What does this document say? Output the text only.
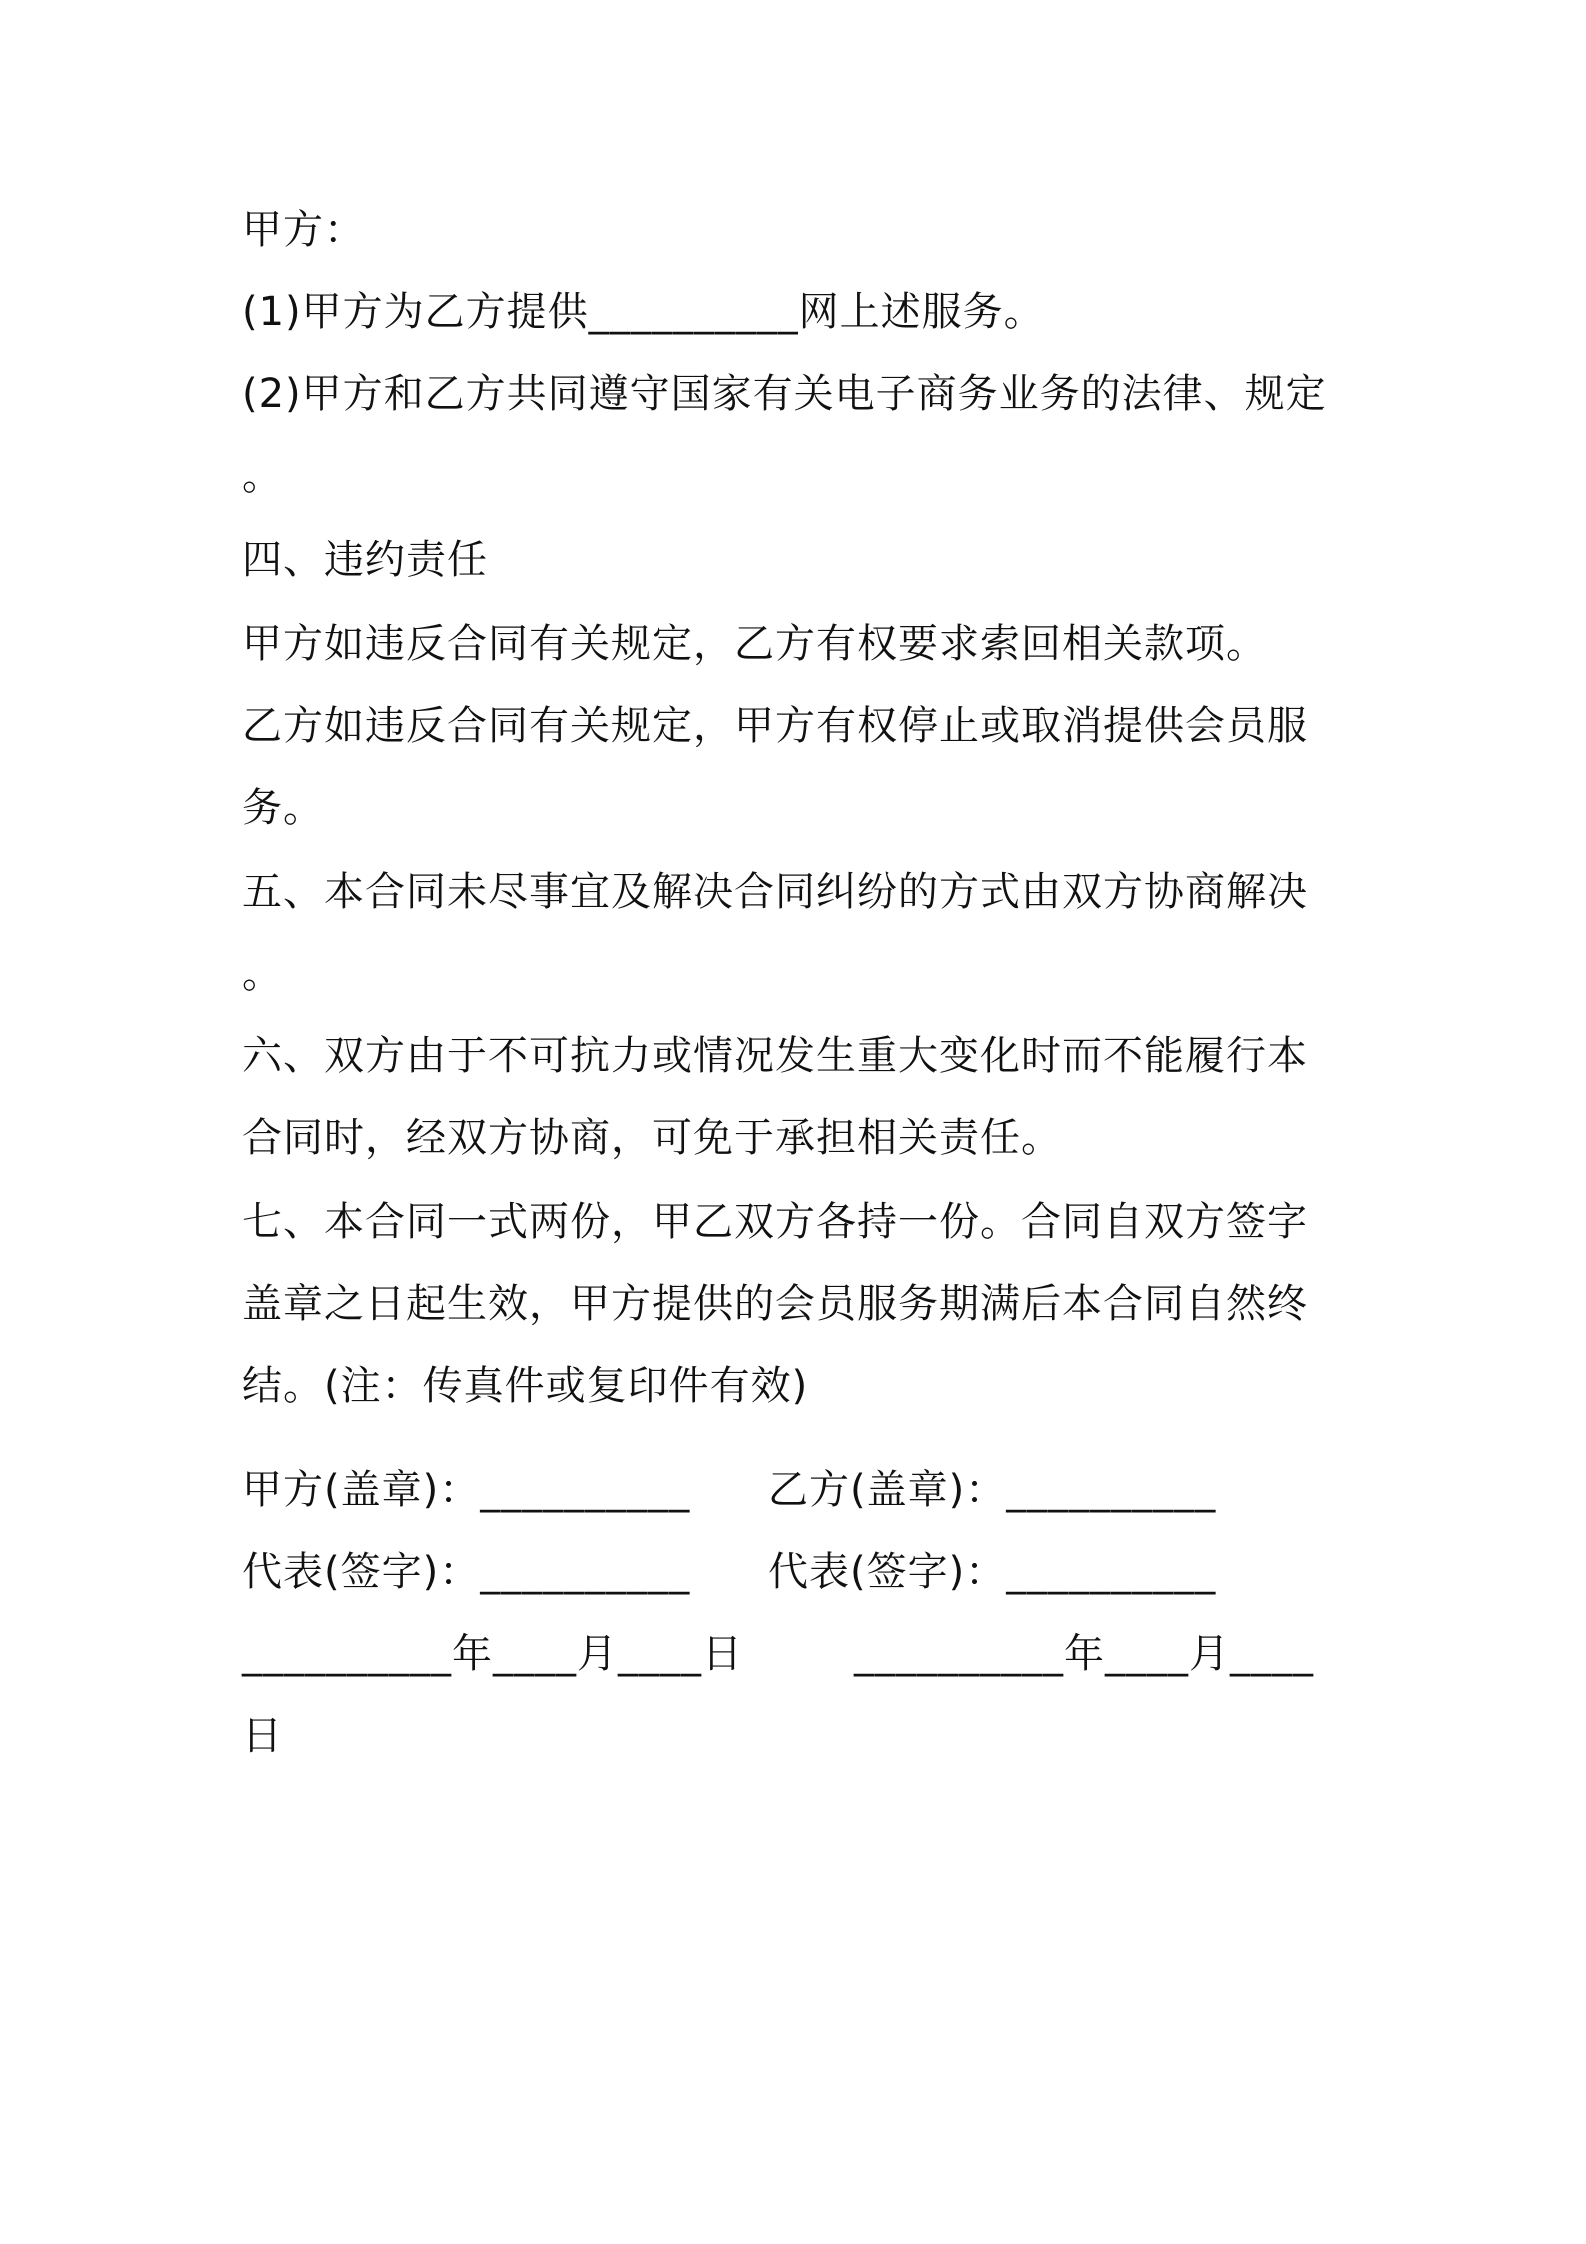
甲方：
(1)甲方为乙方提供__________网上述服务。
(2)甲方和乙方共同遵守国家有关电子商务业务的法律、规定
。
四、违约责任
甲方如违反合同有关规定，乙方有权要求索回相关款项。
乙方如违反合同有关规定，甲方有权停止或取消提供会员服
务。
五、本合同未尽事宜及解决合同纠纷的方式由双方协商解决
。
六、双方由于不可抗力或情况发生重大变化时而不能履行本
合同时，经双方协商，可免于承担相关责任。
七、本合同一式两份，甲乙双方各持一份。合同自双方签字
盖章之日起生效，甲方提供的会员服务期满后本合同自然终
结。(注：传真件或复印件有效)
甲方(盖章)：__________ 乙方(盖章)：__________
代表(签字)：__________ 代表(签字)：__________
__________年____月____日	__________年____月____
日
